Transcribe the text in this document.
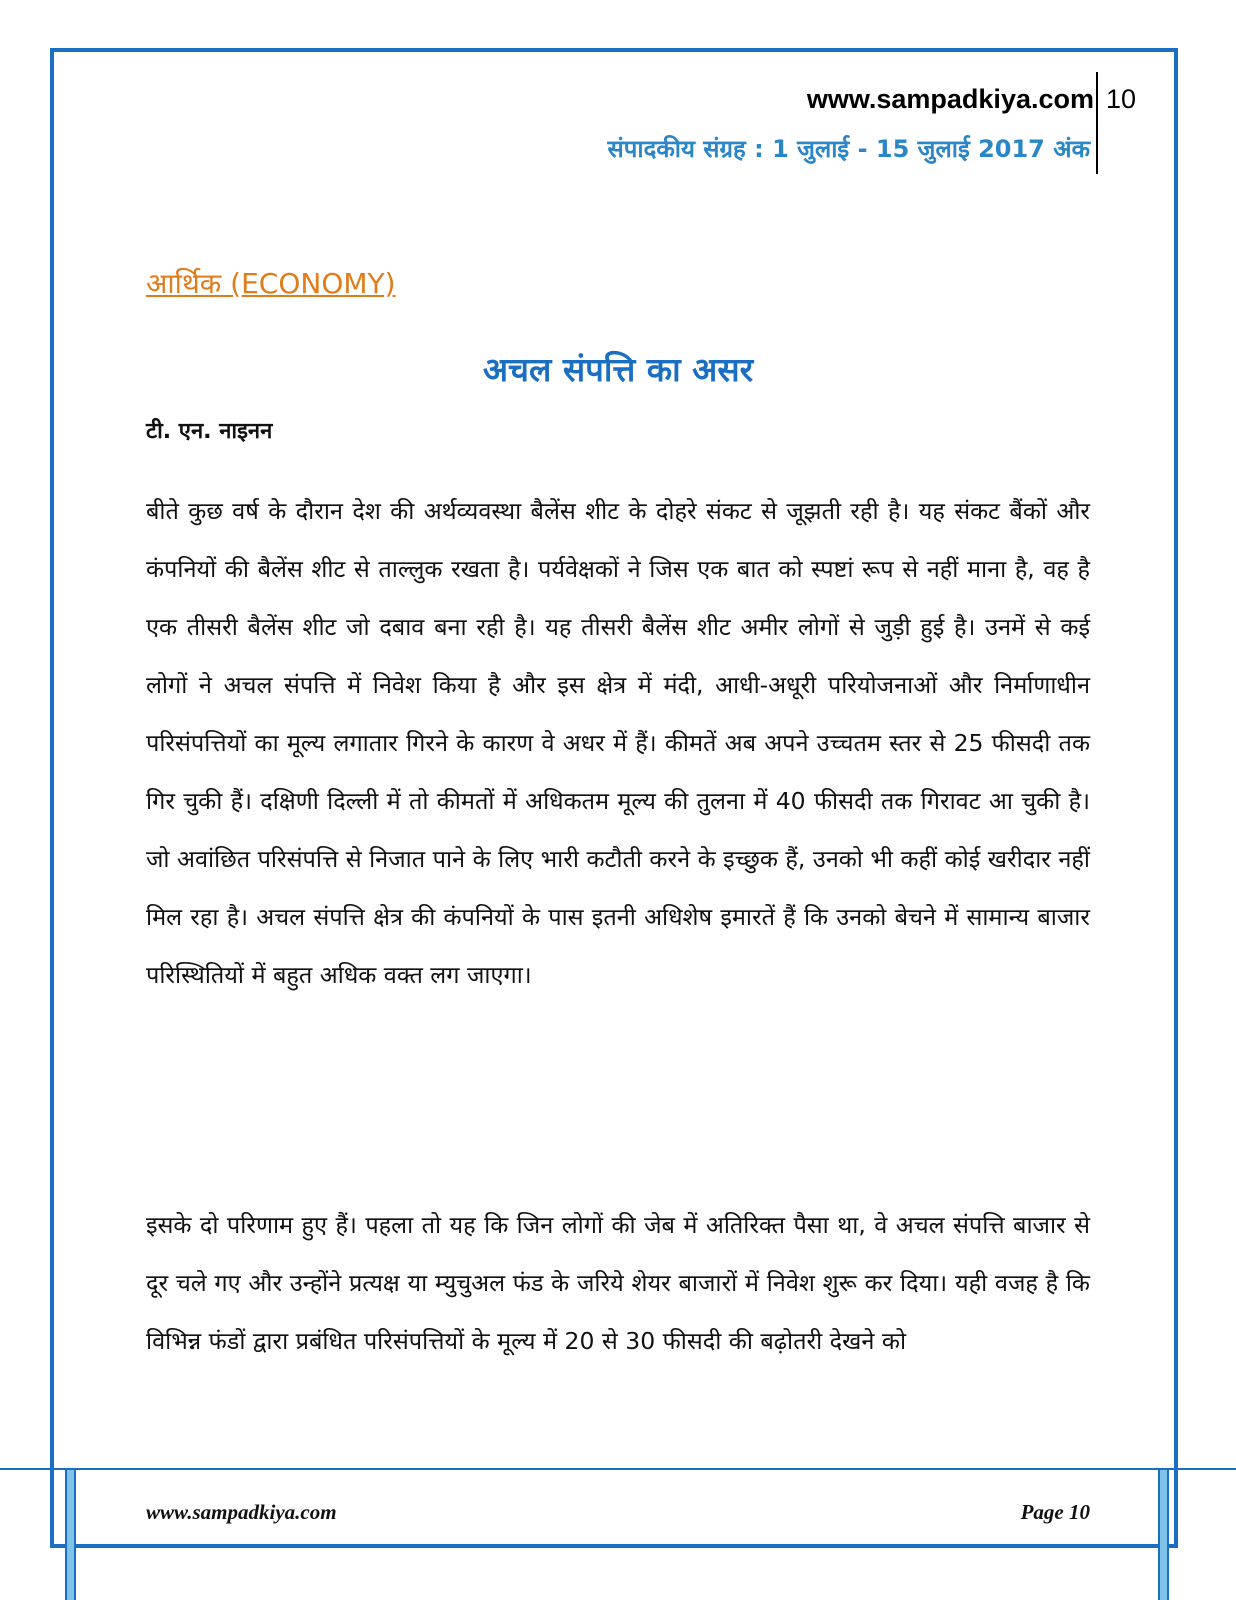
www.sampadkiya.com 10
संपादकीय संग्रह : 1 जुलाई - 15 जुलाई 2017 अंक
आर्थिक (ECONOMY)
अचल संपत्ति का असर
टी. एन. नाइनन

बीते कुछ वर्ष के दौरान देश की अर्थव्यवस्था बैलेंस शीट के दोहरे संकट से जूझती रही है। यह संकट बैंकों और कंपनियों की बैलेंस शीट से ताल्लुक रखता है। पर्यवेक्षकों ने जिस एक बात को स्पष्टां रूप से नहीं माना है, वह है एक तीसरी बैलेंस शीट जो दबाव बना रही है। यह तीसरी बैलेंस शीट अमीर लोगों से जुड़ी हुई है। उनमें से कई लोगों ने अचल संपत्ति में निवेश किया है और इस क्षेत्र में मंदी, आधी-अधूरी परियोजनाओं और निर्माणाधीन परिसंपत्तियों का मूल्य लगातार गिरने के कारण वे अधर में हैं। कीमतें अब अपने उच्चतम स्तर से 25 फीसदी तक गिर चुकी हैं। दक्षिणी दिल्ली में तो कीमतों में अधिकतम मूल्य की तुलना में 40 फीसदी तक गिरावट आ चुकी है। जो अवांछित परिसंपत्ति से निजात पाने के लिए भारी कटौती करने के इच्छुक हैं, उनको भी कहीं कोई खरीदार नहीं मिल रहा है। अचल संपत्ति क्षेत्र की कंपनियों के पास इतनी अधिशेष इमारतें हैं कि उनको बेचने में सामान्य बाजार परिस्थितियों में बहुत अधिक वक्त लग जाएगा।

इसके दो परिणाम हुए हैं। पहला तो यह कि जिन लोगों की जेब में अतिरिक्त पैसा था, वे अचल संपत्ति बाजार से दूर चले गए और उन्होंने प्रत्यक्ष या म्युचुअल फंड के जरिये शेयर बाजारों में निवेश शुरू कर दिया। यही वजह है कि विभिन्न फंडों द्वारा प्रबंधित परिसंपत्तियों के मूल्य में 20 से 30 फीसदी की बढ़ोतरी देखने को

www.sampadkiya.com	Page 10
